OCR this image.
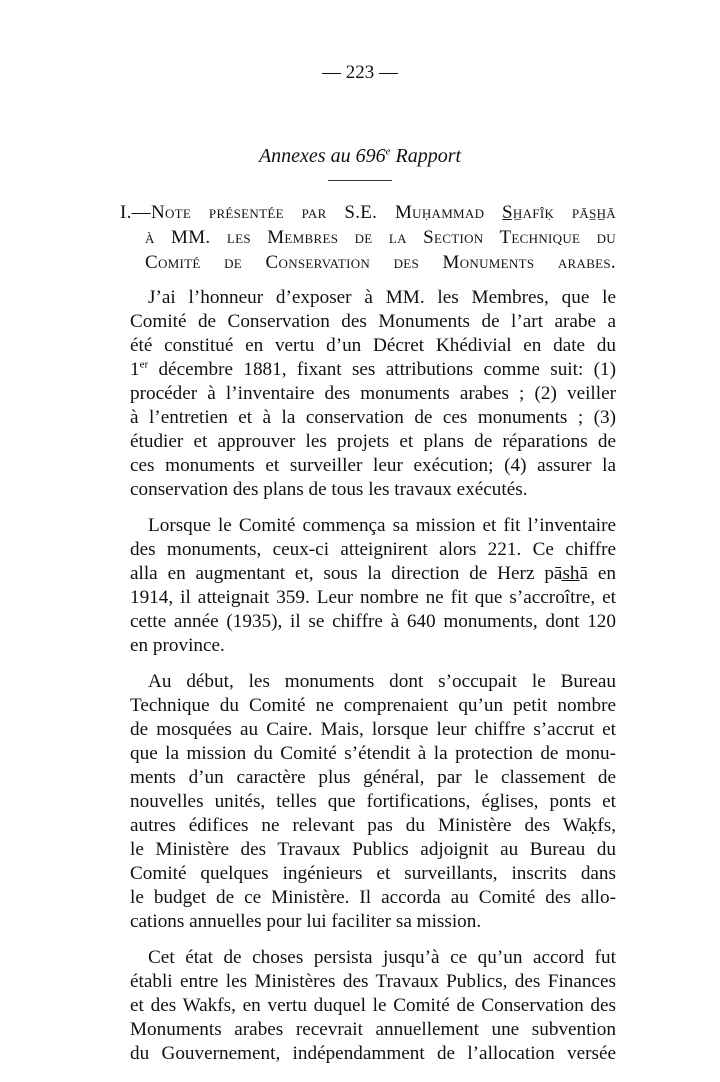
— 223 —
Annexes au 696e Rapport
I.—Note présentée par S.E. Muḥammad S̲h̲afîḳ pās̲h̲ā
à MM. les Membres de la Section Technique du
Comité de Conservation des Monuments arabes.
J’ai l’honneur d’exposer à MM. les Membres, que le
Comité de Conservation des Monuments de l’art arabe a
été constitué en vertu d’un Décret Khédivial en date du
1er décembre 1881, fixant ses attributions comme suit: (1)
procéder à l’inventaire des monuments arabes ; (2) veiller
à l’entretien et à la conservation de ces monuments ; (3)
étudier et approuver les projets et plans de réparations de
ces monuments et surveiller leur exécution; (4) assurer la
conservation des plans de tous les travaux exécutés.
Lorsque le Comité commença sa mission et fit l’inventaire
des monuments, ceux-ci atteignirent alors 221. Ce chiffre
alla en augmentant et, sous la direction de Herz pās̲h̲ā en
1914, il atteignait 359. Leur nombre ne fit que s’accroître, et
cette année (1935), il se chiffre à 640 monuments, dont 120
en province.
Au début, les monuments dont s’occupait le Bureau
Technique du Comité ne comprenaient qu’un petit nombre
de mosquées au Caire. Mais, lorsque leur chiffre s’accrut et
que la mission du Comité s’étendit à la protection de monu-
ments d’un caractère plus général, par le classement de
nouvelles unités, telles que fortifications, églises, ponts et
autres édifices ne relevant pas du Ministère des Waḳfs,
le Ministère des Travaux Publics adjoignit au Bureau du
Comité quelques ingénieurs et surveillants, inscrits dans
le budget de ce Ministère. Il accorda au Comité des allo-
cations annuelles pour lui faciliter sa mission.
Cet état de choses persista jusqu’à ce qu’un accord fut
établi entre les Ministères des Travaux Publics, des Finances
et des Wakfs, en vertu duquel le Comité de Conservation des
Monuments arabes recevrait annuellement une subvention
du Gouvernement, indépendamment de l’allocation versée
